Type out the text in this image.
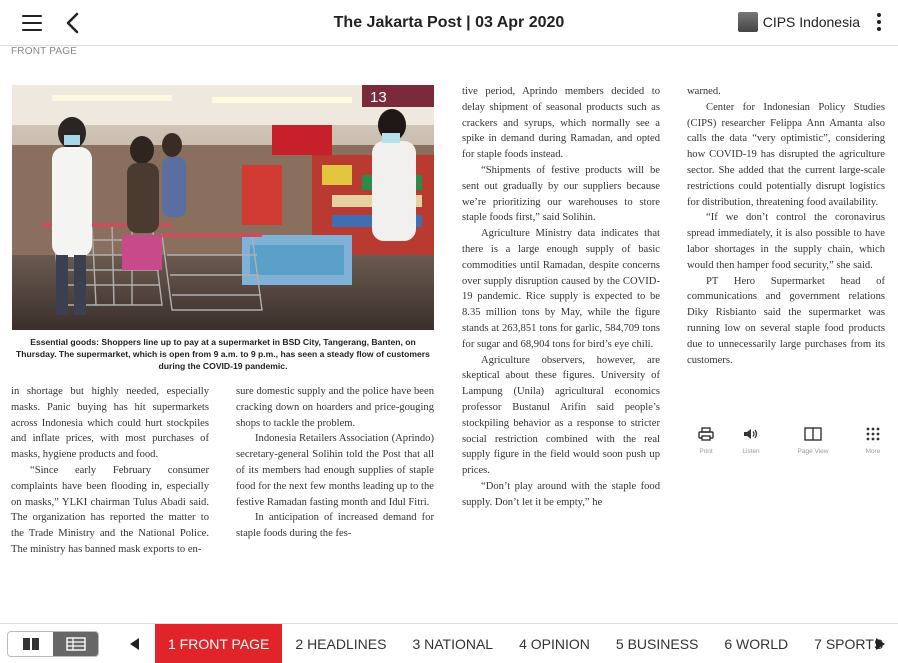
The Jakarta Post | 03 Apr 2020	CIPS Indonesia
FRONT PAGE
13
Essential goods: Shoppers line up to pay at a supermarket in BSD City, Tangerang, Banten, on Thursday. The supermarket, which is open from 9 a.m. to 9 p.m., has seen a steady flow of customers during the COVID-19 pandemic.

in shortage but highly needed, especially masks. Panic buying has hit supermarkets across Indonesia which could hurt stockpiles and inflate prices, with most purchases of masks, hygiene products and food.

“Since early February consumer complaints have been flooding in, especially on masks,” YLKI chairman Tulus Abadi said. The organization has reported the matter to the Trade Ministry and the National Police. The ministry has banned mask exports to en-

sure domestic supply and the police have been cracking down on hoarders and price-gouging shops to tackle the problem.

Indonesia Retailers Association (Aprindo) secretary-general Solihin told the Post that all of its members had enough supplies of staple food for the next few months leading up to the festive Ramadan fasting month and Idul Fitri.

In anticipation of increased demand for staple foods during the fes-

tive period, Aprindo members decided to delay shipment of seasonal products such as crackers and syrups, which normally see a spike in demand during Ramadan, and opted for staple foods instead.

“Shipments of festive products will be sent out gradually by our suppliers because we’re prioritizing our warehouses to store staple foods first,” said Solihin.

Agriculture Ministry data indicates that there is a large enough supply of basic commodities until Ramadan, despite concerns over supply disruption caused by the COVID-19 pandemic. Rice supply is expected to be 8.35 million tons by May, while the figure stands at 263,851 tons for garlic, 584,709 tons for sugar and 68,904 tons for bird’s eye chili.

Agriculture observers, however, are skeptical about these figures. University of Lampung (Unila) agricultural economics professor Bustanul Arifin said people’s stockpiling behavior as a response to stricter social restriction combined with the real supply figure in the field would soon push up prices.

“Don’t play around with the staple food supply. Don’t let it be empty,” he

warned.

Center for Indonesian Policy Studies (CIPS) researcher Felippa Ann Amanta also calls the data “very optimistic”, considering how COVID-19 has disrupted the agriculture sector. She added that the current large-scale restrictions could potentially disrupt logistics for distribution, threatening food availability.

“If we don’t control the coronavirus spread immediately, it is also possible to have labor shortages in the supply chain, which would then hamper food security,” she said.

PT Hero Supermarket head of communications and government relations Diky Risbianto said the supermarket was running low on several staple food products due to unnecessarily large purchases from its customers.

Print	Listen	Page View	More
1 FRONT PAGE	2 HEADLINES	3 NATIONAL	4 OPINION	5 BUSINESS	6 WORLD	7 SPORTS
